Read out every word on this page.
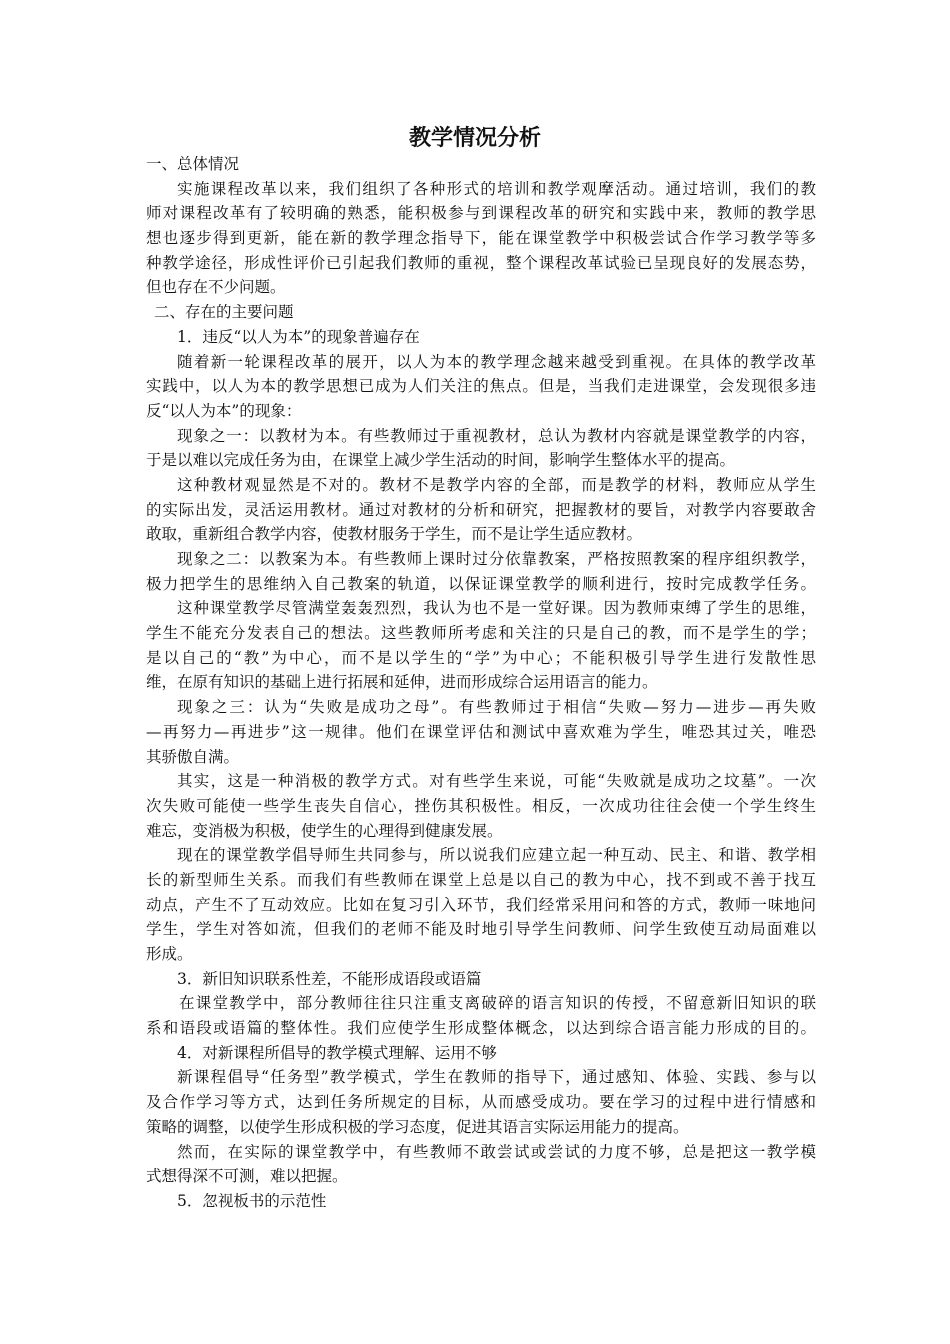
教学情况分析
一、总体情况
实施课程改革以来，我们组织了各种形式的培训和教学观摩活动。通过培训，我们的教
师对课程改革有了较明确的熟悉，能积极参与到课程改革的研究和实践中来，教师的教学思
想也逐步得到更新，能在新的教学理念指导下，能在课堂教学中积极尝试合作学习教学等多
种教学途径，形成性评价已引起我们教师的重视，整个课程改革试验已呈现良好的发展态势，
但也存在不少问题。
二、存在的主要问题
1．违反“以人为本”的现象普遍存在
随着新一轮课程改革的展开，以人为本的教学理念越来越受到重视。在具体的教学改革
实践中，以人为本的教学思想已成为人们关注的焦点。但是，当我们走进课堂，会发现很多违
反“以人为本”的现象：
现象之一：以教材为本。有些教师过于重视教材，总认为教材内容就是课堂教学的内容，
于是以难以完成任务为由，在课堂上减少学生活动的时间，影响学生整体水平的提高。
这种教材观显然是不对的。教材不是教学内容的全部，而是教学的材料，教师应从学生
的实际出发，灵活运用教材。通过对教材的分析和研究，把握教材的要旨，对教学内容要敢舍
敢取，重新组合教学内容，使教材服务于学生，而不是让学生适应教材。
现象之二：以教案为本。有些教师上课时过分依靠教案，严格按照教案的程序组织教学，
极力把学生的思维纳入自己教案的轨道，以保证课堂教学的顺利进行，按时完成教学任务。
这种课堂教学尽管满堂轰轰烈烈，我认为也不是一堂好课。因为教师束缚了学生的思维，
学生不能充分发表自己的想法。这些教师所考虑和关注的只是自己的教，而不是学生的学；
是以自己的“教”为中心，而不是以学生的“学”为中心；不能积极引导学生进行发散性思
维，在原有知识的基础上进行拓展和延伸，进而形成综合运用语言的能力。
现象之三：认为“失败是成功之母”。有些教师过于相信“失败—努力—进步—再失败
—再努力—再进步”这一规律。他们在课堂评估和测试中喜欢难为学生，唯恐其过关，唯恐
其骄傲自满。
其实，这是一种消极的教学方式。对有些学生来说，可能“失败就是成功之坟墓”。一次
次失败可能使一些学生丧失自信心，挫伤其积极性。相反，一次成功往往会使一个学生终生
难忘，变消极为积极，使学生的心理得到健康发展。
现在的课堂教学倡导师生共同参与，所以说我们应建立起一种互动、民主、和谐、教学相
长的新型师生关系。而我们有些教师在课堂上总是以自己的教为中心，找不到或不善于找互
动点，产生不了互动效应。比如在复习引入环节，我们经常采用问和答的方式，教师一味地问
学生，学生对答如流，但我们的老师不能及时地引导学生问教师、问学生致使互动局面难以
形成。
3．新旧知识联系性差，不能形成语段或语篇
在课堂教学中，部分教师往往只注重支离破碎的语言知识的传授，不留意新旧知识的联
系和语段或语篇的整体性。我们应使学生形成整体概念，以达到综合语言能力形成的目的。
4．对新课程所倡导的教学模式理解、运用不够
新课程倡导“任务型”教学模式，学生在教师的指导下，通过感知、体验、实践、参与以
及合作学习等方式，达到任务所规定的目标，从而感受成功。要在学习的过程中进行情感和
策略的调整，以使学生形成积极的学习态度，促进其语言实际运用能力的提高。
然而，在实际的课堂教学中，有些教师不敢尝试或尝试的力度不够，总是把这一教学模
式想得深不可测，难以把握。
5．忽视板书的示范性
